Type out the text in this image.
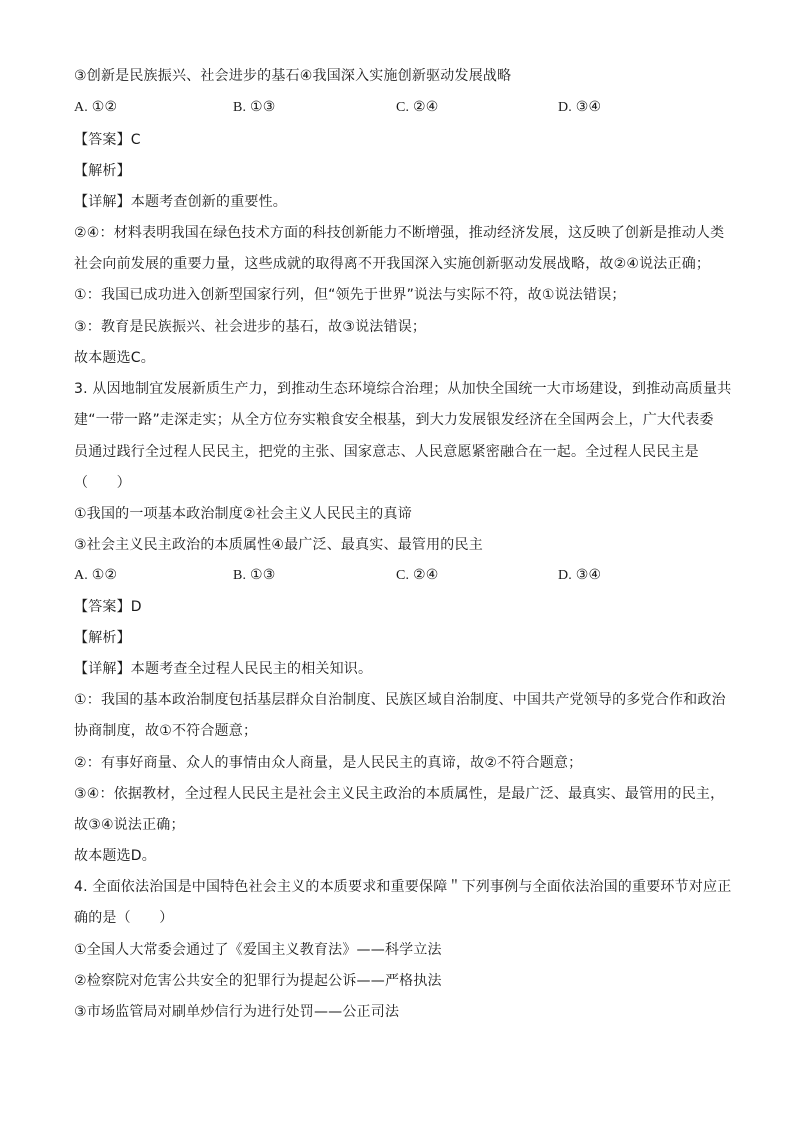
③创新是民族振兴、社会进步的基石④我国深入实施创新驱动发展战略
A. ①②	B. ①③	C. ②④	D. ③④
【答案】C
【解析】
【详解】本题考查创新的重要性。
②④：材料表明我国在绿色技术方面的科技创新能力不断增强，推动经济发展，这反映了创新是推动人类
社会向前发展的重要力量，这些成就的取得离不开我国深入实施创新驱动发展战略，故②④说法正确；
①：我国已成功进入创新型国家行列，但“领先于世界”说法与实际不符，故①说法错误；
③：教育是民族振兴、社会进步的基石，故③说法错误；
故本题选C。
3. 从因地制宜发展新质生产力，到推动生态环境综合治理；从加快全国统一大市场建设，到推动高质量共
建“一带一路”走深走实；从全方位夯实粮食安全根基，到大力发展银发经济在全国两会上，广大代表委
员通过践行全过程人民民主，把党的主张、国家意志、人民意愿紧密融合在一起。全过程人民民主是
（　　）
①我国的一项基本政治制度②社会主义人民民主的真谛
③社会主义民主政治的本质属性④最广泛、最真实、最管用的民主
A. ①②	B. ①③	C. ②④	D. ③④
【答案】D
【解析】
【详解】本题考查全过程人民民主的相关知识。
①：我国的基本政治制度包括基层群众自治制度、民族区域自治制度、中国共产党领导的多党合作和政治
协商制度，故①不符合题意；
②：有事好商量、众人的事情由众人商量，是人民民主的真谛，故②不符合题意；
③④：依据教材，全过程人民民主是社会主义民主政治的本质属性，是最广泛、最真实、最管用的民主，
故③④说法正确；
故本题选D。
4. 全面依法治国是中国特色社会主义的本质要求和重要保障＂下列事例与全面依法治国的重要环节对应正
确的是（　　）
①全国人大常委会通过了《爱国主义教育法》——科学立法
②检察院对危害公共安全的犯罪行为提起公诉——严格执法
③市场监管局对刷单炒信行为进行处罚——公正司法
